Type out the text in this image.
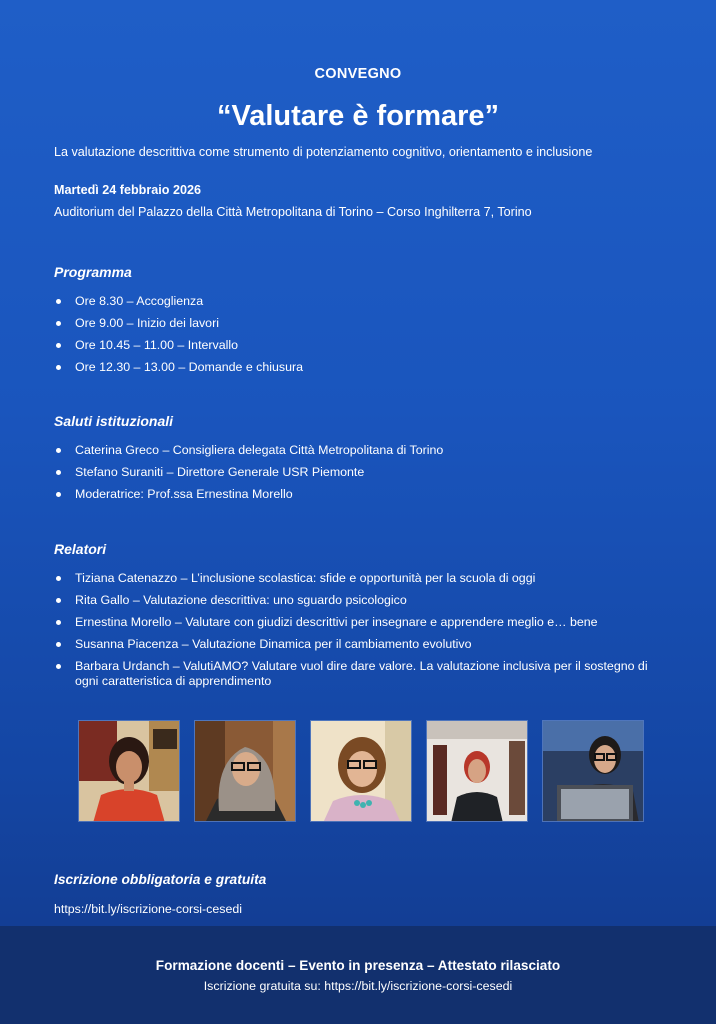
CONVEGNO
“Valutare è formare”
La valutazione descrittiva come strumento di potenziamento cognitivo, orientamento e inclusione
Martedì 24 febbraio 2026
Auditorium del Palazzo della Città Metropolitana di Torino – Corso Inghilterra 7, Torino
Programma
Ore 8.30 – Accoglienza
Ore 9.00 – Inizio dei lavori
Ore 10.45 – 11.00 – Intervallo
Ore 12.30 – 13.00 – Domande e chiusura
Saluti istituzionali
Caterina Greco – Consigliera delegata Città Metropolitana di Torino
Stefano Suraniti – Direttore Generale USR Piemonte
Moderatrice: Prof.ssa Ernestina Morello
Relatori
Tiziana Catenazzo – L’inclusione scolastica: sfide e opportunità per la scuola di oggi
Rita Gallo – Valutazione descrittiva: uno sguardo psicologico
Ernestina Morello – Valutare con giudizi descrittivi per insegnare e apprendere meglio e… bene
Susanna Piacenza – Valutazione Dinamica per il cambiamento evolutivo
Barbara Urdanch – ValutiAMO? Valutare vuol dire dare valore. La valutazione inclusiva per il sostegno di ogni caratteristica di apprendimento
Iscrizione obbligatoria e gratuita
https://bit.ly/iscrizione-corsi-cesedi
Formazione docenti – Evento in presenza – Attestato rilasciato
Iscrizione gratuita su: https://bit.ly/iscrizione-corsi-cesedi
